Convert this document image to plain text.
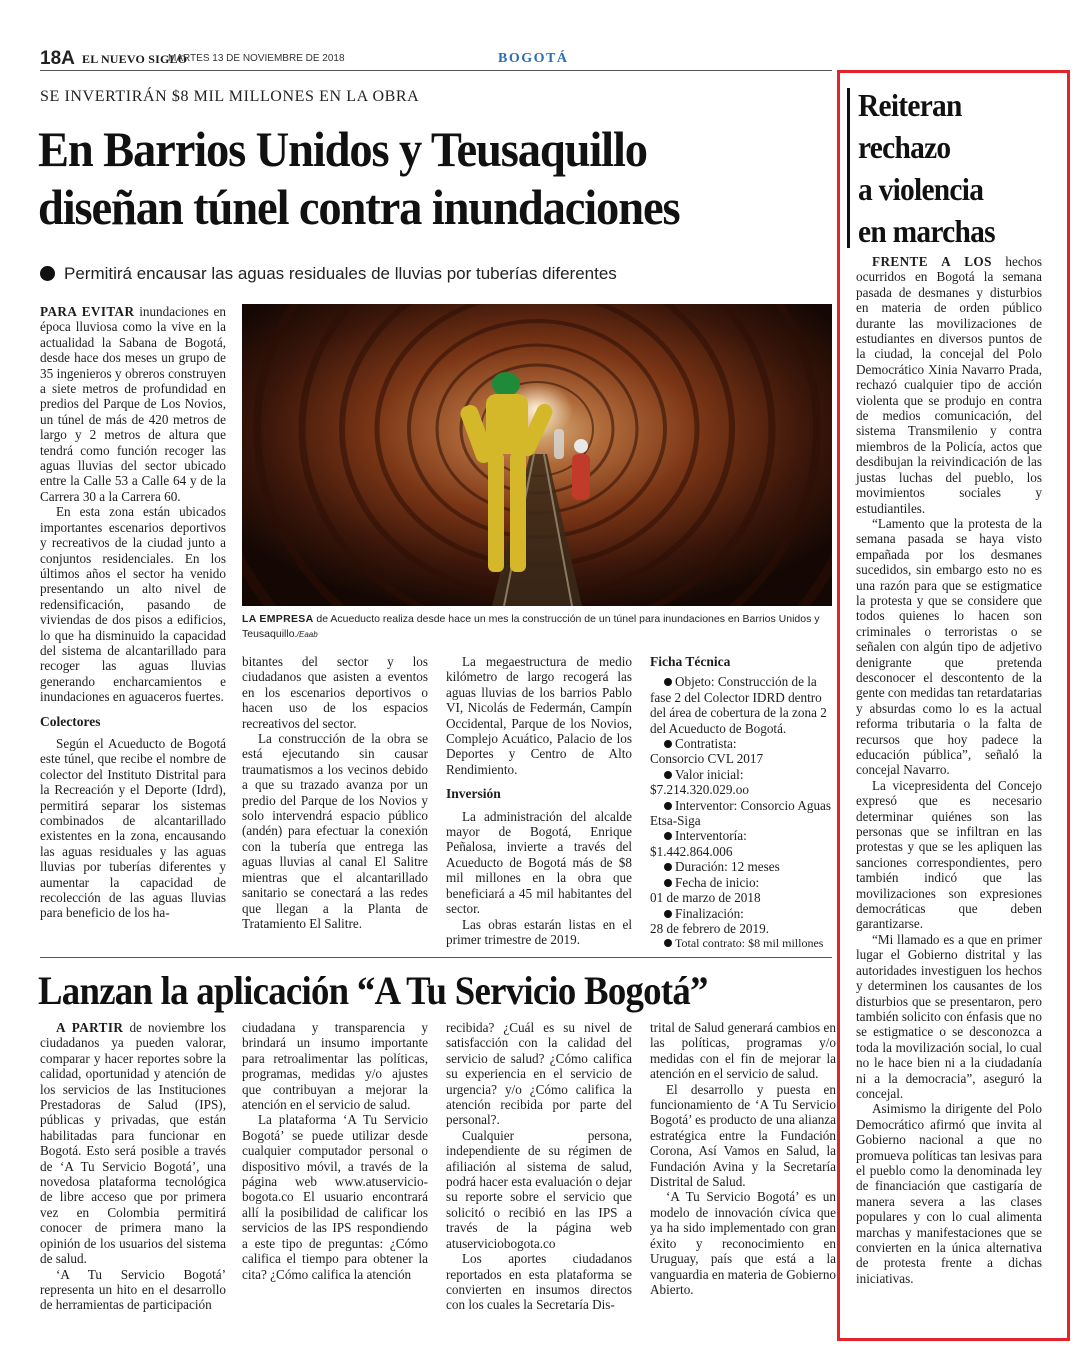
18A EL NUEVO SIGLO
MARTES 13 DE NOVIEMBRE DE 2018	BOGOTÁ
SE INVERTIRÁN $8 MIL MILLONES EN LA OBRA
En Barrios Unidos y Teusaquillo
diseñan túnel contra inundaciones
Permitirá encausar las aguas residuales de lluvias por tuberías diferentes

PARA EVITAR inundaciones en época lluviosa como la vive en la actualidad la Sabana de Bogotá, desde hace dos meses un grupo de 35 ingenieros y obreros construyen a siete metros de profundidad en predios del Parque de Los Novios, un túnel de más de 420 metros de largo y 2 metros de altura que tendrá como función recoger las aguas lluvias del sector ubicado entre la Calle 53 a Calle 64 y de la Carrera 30 a la Carrera 60.

En esta zona están ubicados importantes escenarios deportivos y recreativos de la ciudad junto a conjuntos residenciales. En los últimos años el sector ha venido presentando un alto nivel de redensificación, pasando de viviendas de dos pisos a edificios, lo que ha disminuido la capacidad del sistema de alcantarillado para recoger las aguas lluvias generando encharcamientos e inundaciones en aguaceros fuertes.

Colectores

Según el Acueducto de Bogotá este túnel, que recibe el nombre de colector del Instituto Distrital para la Recreación y el Deporte (Idrd), permitirá separar los sistemas combinados de alcantarillado existentes en la zona, encausando las aguas residuales y las aguas lluvias por tuberías diferentes y aumentar la capacidad de recolección de las aguas lluvias para beneficio de los ha-

LA EMPRESA de Acueducto realiza desde hace un mes la construcción de un túnel para inundaciones en Barrios Unidos y Teusaquillo./Eaab

bitantes del sector y los ciudadanos que asisten a eventos en los escenarios deportivos o hacen uso de los espacios recreativos del sector.

La construcción de la obra se está ejecutando sin causar traumatismos a los vecinos debido a que su trazado avanza por un predio del Parque de los Novios y solo intervendrá espacio público (andén) para efectuar la conexión con la tubería que entrega las aguas lluvias al canal El Salitre mientras que el alcantarillado sanitario se conectará a las redes que llegan a la Planta de Tratamiento El Salitre.

La megaestructura de medio kilómetro de largo recogerá las aguas lluvias de los barrios Pablo VI, Nicolás de Federmán, Campín Occidental, Parque de los Novios, Complejo Acuático, Palacio de los Deportes y Centro de Alto Rendimiento.

Inversión

La administración del alcalde mayor de Bogotá, Enrique Peñalosa, invierte a través del Acueducto de Bogotá más de $8 mil millones en la obra que beneficiará a 45 mil habitantes del sector.

Las obras estarán listas en el primer trimestre de 2019.

Ficha Técnica

Objeto: Construcción de la fase 2 del Colector IDRD dentro del área de cobertura de la zona 2 del Acueducto de Bogotá.

Contratista:

Consorcio CVL 2017

Valor inicial:

$7.214.320.029.oo

Interventor: Consorcio Aguas Etsa-Siga

Interventoría:

$1.442.864.006

Duración: 12 meses

Fecha de inicio:

01 de marzo de 2018

Finalización:

28 de febrero de 2019.

Total contrato: $8 mil millones

Lanzan la aplicación “A Tu Servicio Bogotá”

A PARTIR de noviembre los ciudadanos ya pueden valorar, comparar y hacer reportes sobre la calidad, oportunidad y atención de los servicios de las Instituciones Prestadoras de Salud (IPS), públicas y privadas, que están habilitadas para funcionar en Bogotá. Esto será posible a través de ‘A Tu Servicio Bogotá’, una novedosa plataforma tecnológica de libre acceso que por primera vez en Colombia permitirá conocer de primera mano la opinión de los usuarios del sistema de salud.

‘A Tu Servicio Bogotá’ representa un hito en el desarrollo de herramientas de participación

ciudadana y transparencia y brindará un insumo importante para retroalimentar las políticas, programas, medidas y/o ajustes que contribuyan a mejorar la atención en el servicio de salud.

La plataforma ‘A Tu Servicio Bogotá’ se puede utilizar desde cualquier computador personal o dispositivo móvil, a través de la página web www.atuservicio-bogota.co El usuario encontrará allí la posibilidad de calificar los servicios de las IPS respondiendo a este tipo de preguntas: ¿Cómo califica el tiempo para obtener la cita? ¿Cómo califica la atención

recibida? ¿Cuál es su nivel de satisfacción con la calidad del servicio de salud? ¿Cómo califica su experiencia en el servicio de urgencia? y/o ¿Cómo califica la atención recibida por parte del personal?.

Cualquier persona, independiente de su régimen de afiliación al sistema de salud, podrá hacer esta evaluación o dejar su reporte sobre el servicio que solicitó o recibió en las IPS a través de la página web atuserviciobogota.co

Los aportes ciudadanos reportados en esta plataforma se convierten en insumos directos con los cuales la Secretaría Dis-

trital de Salud generará cambios en las políticas, programas y/o medidas con el fin de mejorar la atención en el servicio de salud.

El desarrollo y puesta en funcionamiento de ‘A Tu Servicio Bogotá’ es producto de una alianza estratégica entre la Fundación Corona, Así Vamos en Salud, la Fundación Avina y la Secretaría Distrital de Salud.

‘A Tu Servicio Bogotá’ es un modelo de innovación cívica que ya ha sido implementado con gran éxito y reconocimiento en Uruguay, país que está a la vanguardia en materia de Gobierno Abierto.

Reiteran
rechazo
a violencia
en marchas

FRENTE A LOS hechos ocurridos en Bogotá la semana pasada de desmanes y disturbios en materia de orden público durante las movilizaciones de estudiantes en diversos puntos de la ciudad, la concejal del Polo Democrático Xinia Navarro Prada, rechazó cualquier tipo de acción violenta que se produjo en contra de medios comunicación, del sistema Transmilenio y contra miembros de la Policía, actos que desdibujan la reivindicación de las justas luchas del pueblo, los movimientos sociales y estudiantiles.

“Lamento que la protesta de la semana pasada se haya visto empañada por los desmanes sucedidos, sin embargo esto no es una razón para que se estigmatice la protesta y que se considere que todos quienes lo hacen son criminales o terroristas o se señalen con algún tipo de adjetivo denigrante que pretenda desconocer el descontento de la gente con medidas tan retardatarias y absurdas como lo es la actual reforma tributaria o la falta de recursos que hoy padece la educación pública”, señaló la concejal Navarro.

La vicepresidenta del Concejo expresó que es necesario determinar quiénes son las personas que se infiltran en las protestas y que se les apliquen las sanciones correspondientes, pero también indicó que las movilizaciones son expresiones democráticas que deben garantizarse.

“Mi llamado es a que en primer lugar el Gobierno distrital y las autoridades investiguen los hechos y determinen los causantes de los disturbios que se presentaron, pero también solicito con énfasis que no se estigmatice o se desconozca a toda la movilización social, lo cual no le hace bien ni a la ciudadanía ni a la democracia”, aseguró la concejal.

Asimismo la dirigente del Polo Democrático afirmó que invita al Gobierno nacional a que no promueva políticas tan lesivas para el pueblo como la denominada ley de financiación que castigaría de manera severa a las clases populares y con lo cual alimenta marchas y manifestaciones que se convierten en la única alternativa de protesta frente a dichas iniciativas.
